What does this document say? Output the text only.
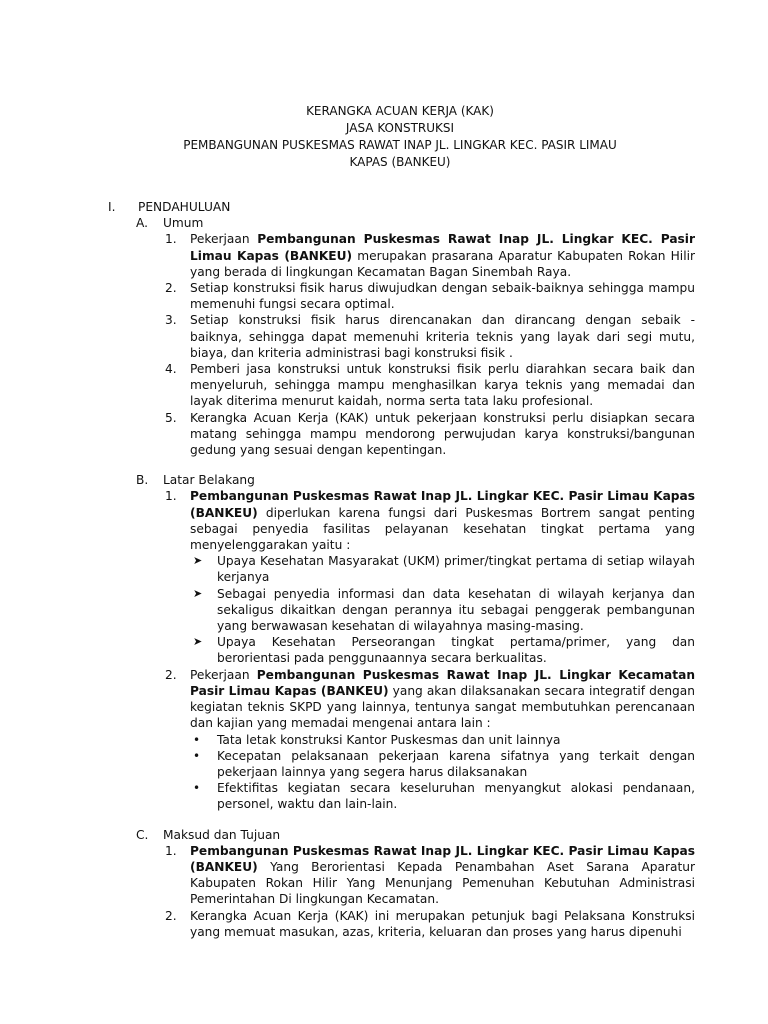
KERANGKA ACUAN KERJA (KAK)
JASA KONSTRUKSI
PEMBANGUNAN PUSKESMAS RAWAT INAP JL. LINGKAR KEC. PASIR LIMAU
KAPAS (BANKEU)
I. PENDAHULUAN
A. Umum
1. Pekerjaan Pembangunan Puskesmas Rawat Inap JL. Lingkar KEC. Pasir Limau Kapas (BANKEU) merupakan prasarana Aparatur Kabupaten Rokan Hilir yang berada di lingkungan Kecamatan Bagan Sinembah Raya.
2. Setiap konstruksi fisik harus diwujudkan dengan sebaik-baiknya sehingga mampu memenuhi fungsi secara optimal.
3. Setiap konstruksi fisik harus direncanakan dan dirancang dengan sebaik - baiknya, sehingga dapat memenuhi kriteria teknis yang layak dari segi mutu, biaya, dan kriteria administrasi bagi konstruksi fisik .
4. Pemberi jasa konstruksi untuk konstruksi fisik perlu diarahkan secara baik dan menyeluruh, sehingga mampu menghasilkan karya teknis yang memadai dan layak diterima menurut kaidah, norma serta tata laku profesional.
5. Kerangka Acuan Kerja (KAK) untuk pekerjaan konstruksi perlu disiapkan secara matang sehingga mampu mendorong perwujudan karya konstruksi/bangunan gedung yang sesuai dengan kepentingan.
B. Latar Belakang
1. Pembangunan Puskesmas Rawat Inap JL. Lingkar KEC. Pasir Limau Kapas (BANKEU) diperlukan karena fungsi dari Puskesmas Bortrem sangat penting sebagai penyedia fasilitas pelayanan kesehatan tingkat pertama yang menyelenggarakan yaitu :
➤ Upaya Kesehatan Masyarakat (UKM) primer/tingkat pertama di setiap wilayah kerjanya
➤ Sebagai penyedia informasi dan data kesehatan di wilayah kerjanya dan sekaligus dikaitkan dengan perannya itu sebagai penggerak pembangunan yang berwawasan kesehatan di wilayahnya masing-masing.
➤ Upaya Kesehatan Perseorangan tingkat pertama/primer, yang dan berorientasi pada penggunaannya secara berkualitas.
2. Pekerjaan Pembangunan Puskesmas Rawat Inap JL. Lingkar Kecamatan Pasir Limau Kapas (BANKEU) yang akan dilaksanakan secara integratif dengan kegiatan teknis SKPD yang lainnya, tentunya sangat membutuhkan perencanaan dan kajian yang memadai mengenai antara lain :
• Tata letak konstruksi Kantor Puskesmas dan unit lainnya
• Kecepatan pelaksanaan pekerjaan karena sifatnya yang terkait dengan pekerjaan lainnya yang segera harus dilaksanakan
• Efektifitas kegiatan secara keseluruhan menyangkut alokasi pendanaan, personel, waktu dan lain-lain.
C. Maksud dan Tujuan
1. Pembangunan Puskesmas Rawat Inap JL. Lingkar KEC. Pasir Limau Kapas (BANKEU) Yang Berorientasi Kepada Penambahan Aset Sarana Aparatur Kabupaten Rokan Hilir Yang Menunjang Pemenuhan Kebutuhan Administrasi Pemerintahan Di lingkungan Kecamatan.
2. Kerangka Acuan Kerja (KAK) ini merupakan petunjuk bagi Pelaksana Konstruksi yang memuat masukan, azas, kriteria, keluaran dan proses yang harus dipenuhi
